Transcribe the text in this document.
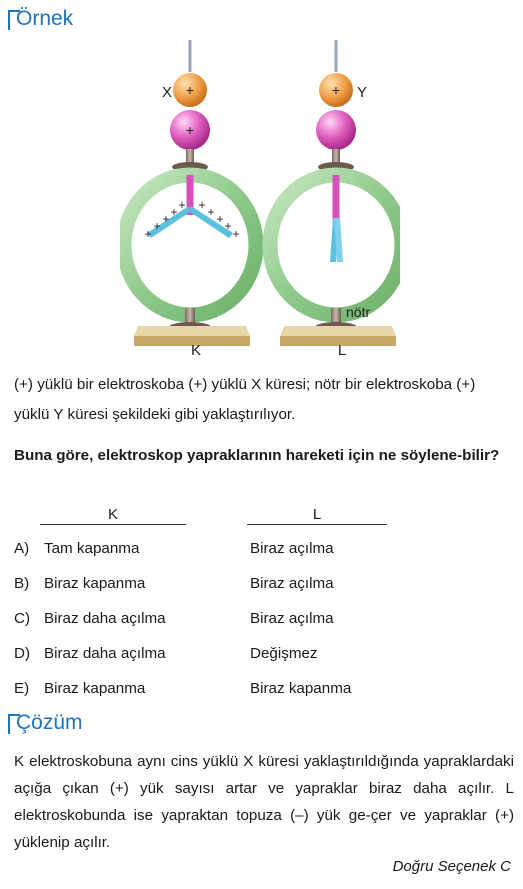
Örnek
+
X
+
+
+ + + + + + + +
+
K
+ Y
nötr
L
(+) yüklü bir elektroskoba (+) yüklü X küresi; nötr bir elektroskoba (+) yüklü Y küresi şekildeki gibi yaklaştırılıyor.
Buna göre, elektroskop yapraklarının hareketi için ne söylene-bilir?
K	L
A) Tam kapanma	Biraz açılma
B) Biraz kapanma	Biraz açılma
C) Biraz daha açılma	Biraz açılma
D) Biraz daha açılma	Değişmez
E) Biraz kapanma	Biraz kapanma
Çözüm
K elektroskobuna aynı cins yüklü X küresi yaklaştırıldığında yapraklardaki açığa çıkan (+) yük sayısı artar ve yapraklar biraz daha açılır. L elektroskobunda ise yapraktan topuza (–) yük ge-çer ve yapraklar (+) yüklenip açılır.
Doğru Seçenek C
